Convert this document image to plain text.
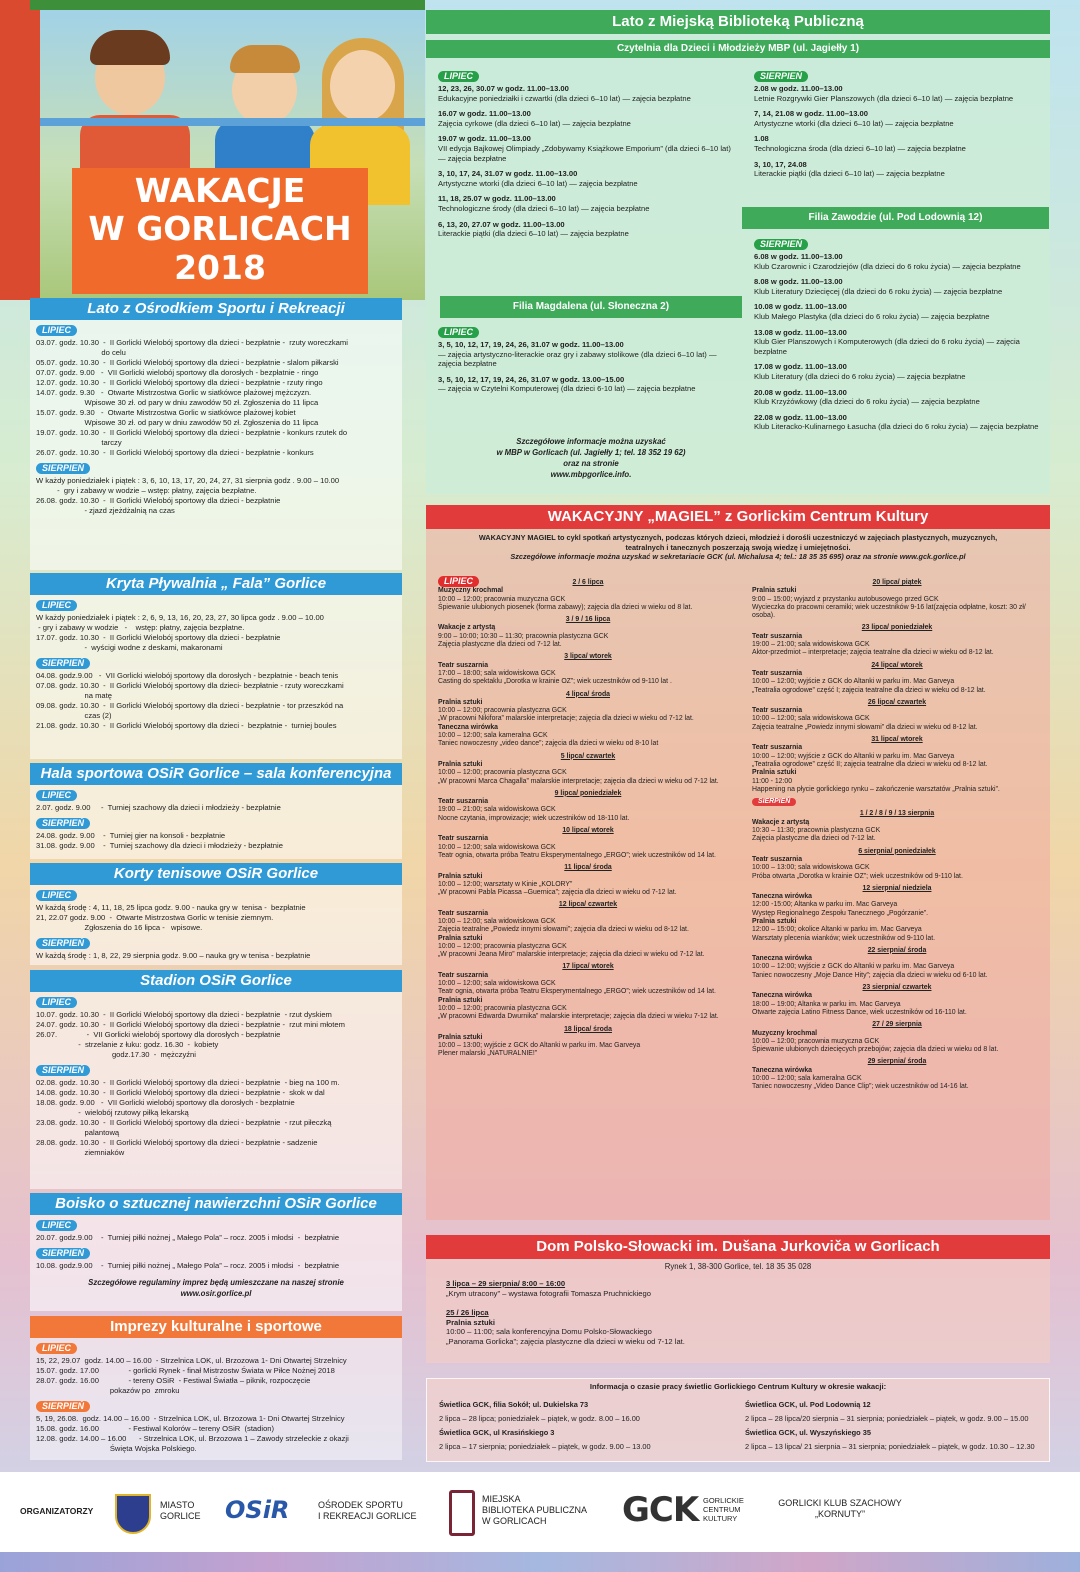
WAKACJE
W GORLICACH
2018
Lato z Ośrodkiem Sportu i Rekreacji
LIPIEC
03.07. godz. 10.30  -  II Gorlicki Wielobój sportowy dla dzieci - bezpłatnie -  rzuty woreczkami
do celu
05.07. godz. 10.30  -  II Gorlicki Wielobój sportowy dla dzieci - bezpłatnie - slalom piłkarski
07.07. godz. 9.00   -  VII Gorlicki wielobój sportowy dla dorosłych - bezpłatnie - ringo
12.07. godz. 10.30  -  II Gorlicki Wielobój sportowy dla dzieci - bezpłatnie - rzuty ringo
14.07. godz. 9.30   -  Otwarte Mistrzostwa Gorlic w siatkówce plażowej mężczyzn.
Wpisowe 30 zł. od pary w dniu zawodów 50 zł. Zgłoszenia do 11 lipca
15.07. godz. 9.30   -  Otwarte Mistrzostwa Gorlic w siatkówce plażowej kobiet
Wpisowe 30 zł. od pary w dniu zawodów 50 zł. Zgłoszenia do 11 lipca
19.07. godz. 10.30  -  II Gorlicki Wielobój sportowy dla dzieci - bezpłatnie - konkurs rzutek do
tarczy
26.07. godz. 10.30  -  II Gorlicki Wielobój sportowy dla dzieci - bezpłatnie - konkurs
SIERPIEŃ
W każdy poniedziałek i piątek : 3, 6, 10, 13, 17, 20, 24, 27, 31 sierpnia godz . 9.00 – 10.00
-  gry i zabawy w wodzie – wstęp: płatny, zajęcia bezpłatne.
26.08. godz. 10.30  -  II Gorlicki Wielobój sportowy dla dzieci - bezpłatnie
- zjazd zjeżdżalnią na czas
Kryta Pływalnia „ Fala” Gorlice
LIPIEC
W każdy poniedziałek i piątek : 2, 6, 9, 13, 16, 20, 23, 27, 30 lipca godz . 9.00 – 10.00
- gry i zabawy w wodzie   -    wstęp: płatny, zajęcia bezpłatne.
17.07. godz. 10.30  -  II Gorlicki Wielobój sportowy dla dzieci - bezpłatnie
-  wyścigi wodne z deskami, makaronami
SIERPIEŃ
04.08. godz.9.00   -  VII Gorlicki wielobój sportowy dla dorosłych - bezpłatnie - beach tenis
07.08. godz. 10.30  -  II Gorlicki Wielobój sportowy dla dzieci- bezpłatnie - rzuty woreczkami
na matę
09.08. godz. 10.30  -  II Gorlicki Wielobój sportowy dla dzieci - bezpłatnie - tor przeszkód na
czas (2)
21.08. godz. 10.30  -  II Gorlicki Wielobój sportowy dla dzieci -  bezpłatnie -  turniej boules
Hala sportowa OSiR Gorlice – sala konferencyjna
LIPIEC
2.07. godz. 9.00     -  Turniej szachowy dla dzieci i młodzieży - bezpłatnie
SIERPIEŃ
24.08. godz. 9.00    -  Turniej gier na konsoli - bezpłatnie
31.08. godz. 9.00    -  Turniej szachowy dla dzieci i młodzieży - bezpłatnie
Korty tenisowe OSiR Gorlice
LIPIEC
W każdą środę : 4, 11, 18, 25 lipca godz. 9.00 - nauka gry w  tenisa -  bezpłatnie
21, 22.07 godz. 9.00  -  Otwarte Mistrzostwa Gorlic w tenisie ziemnym.
Zgłoszenia do 16 lipca -   wpisowe.
SIERPIEŃ
W każdą środę : 1, 8, 22, 29 sierpnia godz. 9.00 – nauka gry w tenisa - bezpłatnie
Stadion OSiR Gorlice
LIPIEC
10.07. godz. 10.30  -  II Gorlicki Wielobój sportowy dla dzieci - bezpłatnie  - rzut dyskiem
24.07. godz. 10.30  -  II Gorlicki Wielobój sportowy dla dzieci - bezpłatnie -  rzut mini młotem
26.07.              -  VII Gorlicki wielobój sportowy dla dorosłych - bezpłatnie
-  strzelanie z łuku: godz. 16.30  -  kobiety
godz.17.30  -  mężczyźni
SIERPIEŃ
02.08. godz. 10.30  -  II Gorlicki Wielobój sportowy dla dzieci - bezpłatnie  - bieg na 100 m.
14.08. godz. 10.30  -  II Gorlicki Wielobój sportowy dla dzieci - bezpłatnie -  skok w dal
18.08. godz. 9.00   -  VII Gorlicki wielobój sportowy dla dorosłych - bezpłatnie
-  wielobój rzutowy piłką lekarską
23.08. godz. 10.30  -  II Gorlicki Wielobój sportowy dla dzieci - bezpłatnie  - rzut piłeczką
palantową
28.08. godz. 10.30  -  II Gorlicki Wielobój sportowy dla dzieci - bezpłatnie - sadzenie
ziemniaków
Boisko o sztucznej nawierzchni OSiR Gorlice
LIPIEC
20.07. godz.9.00    -  Turniej piłki nożnej „ Małego Pola” – rocz. 2005 i młodsi  -  bezpłatnie
SIERPIEŃ
10.08. godz.9.00    -  Turniej piłki nożnej „ Małego Pola” – rocz. 2005 i młodsi  -  bezpłatnie
Szczegółowe regulaminy imprez będą umieszczane na naszej stronie
www.osir.gorlice.pl
Imprezy kulturalne i sportowe
LIPIEC
15, 22, 29.07  godz. 14.00 – 16.00  - Strzelnica LOK, ul. Brzozowa 1- Dni Otwartej Strzelnicy
15.07. godz. 17.00              - gorlicki Rynek - finał Mistrzostw Świata w Piłce Nożnej 2018
28.07. godz. 16.00              - tereny OSiR  - Festiwal Światła – piknik, rozpoczęcie
pokazów po  zmroku
SIERPIEŃ
5, 19, 26.08.  godz. 14.00 – 16.00  - Strzelnica LOK, ul. Brzozowa 1- Dni Otwartej Strzelnicy
15.08. godz. 16.00              - Festiwal Kolorów – tereny OSiR  (stadion)
12.08. godz. 14.00 – 16.00      - Strzelnica LOK, ul. Brzozowa 1 – Zawody strzeleckie z okazji
Święta Wojska Polskiego.
Lato z Miejską Biblioteką Publiczną
Czytelnia dla Dzieci i Młodzieży MBP (ul. Jagiełły 1)
LIPIEC
12, 23, 26, 30.07 w godz. 11.00–13.00
Edukacyjne poniedziałki i czwartki (dla dzieci 6–10 lat) — zajęcia bezpłatne
16.07 w godz. 11.00–13.00
Zajęcia cyrkowe (dla dzieci 6–10 lat) — zajęcia bezpłatne
19.07 w godz. 11.00–13.00
VII edycja Bajkowej Olimpiady „Zdobywamy Książkowe Emporium” (dla dzieci 6–10 lat) — zajęcia bezpłatne
3, 10, 17, 24, 31.07 w godz. 11.00–13.00
Artystyczne wtorki (dla dzieci 6–10 lat) — zajęcia bezpłatne
11, 18, 25.07 w godz. 11.00–13.00
Technologiczne środy (dla dzieci 6–10 lat) — zajęcia bezpłatne
6, 13, 20, 27.07 w godz. 11.00–13.00
Literackie piątki (dla dzieci 6–10 lat) — zajęcia bezpłatne
SIERPIEŃ
2.08 w godz. 11.00–13.00
Letnie Rozgrywki Gier Planszowych (dla dzieci 6–10 lat) — zajęcia bezpłatne
7, 14, 21.08 w godz. 11.00–13.00
Artystyczne wtorki (dla dzieci 6–10 lat) — zajęcia bezpłatne
1.08
Technologiczna środa (dla dzieci 6–10 lat) — zajęcia bezpłatne
3, 10, 17, 24.08
Literackie piątki (dla dzieci 6–10 lat) — zajęcia bezpłatne
Filia Magdalena (ul. Słoneczna 2)
LIPIEC
3, 5, 10, 12, 17, 19, 24, 26, 31.07 w godz. 11.00–13.00
— zajęcia artystyczno-literackie oraz gry i zabawy stolikowe (dla dzieci 6–10 lat) — zajęcia bezpłatne
3, 5, 10, 12, 17, 19, 24, 26, 31.07 w godz. 13.00–15.00
— zajęcia w Czytelni Komputerowej (dla dzieci 6-10 lat) — zajęcia bezpłatne
Szczegółowe informacje można uzyskać
w MBP w Gorlicach (ul. Jagiełły 1; tel. 18 352 19 62)
oraz na stronie
www.mbpgorlice.info.
Filia Zawodzie (ul. Pod Lodownią 12)
SIERPIEŃ
6.08 w godz. 11.00–13.00
Klub Czarownic i Czarodziejów (dla dzieci do 6 roku życia) — zajęcia bezpłatne
8.08 w godz. 11.00–13.00
Klub Literatury Dziecięcej (dla dzieci do 6 roku życia) — zajęcia bezpłatne
10.08 w godz. 11.00–13.00
Klub Małego Plastyka (dla dzieci do 6 roku życia) — zajęcia bezpłatne
13.08 w godz. 11.00–13.00
Klub Gier Planszowych i Komputerowych (dla dzieci do 6 roku życia) — zajęcia bezpłatne
17.08 w godz. 11.00–13.00
Klub Literatury (dla dzieci do 6 roku życia) — zajęcia bezpłatne
20.08 w godz. 11.00–13.00
Klub Krzyżówkowy (dla dzieci do 6 roku życia) — zajęcia bezpłatne
22.08 w godz. 11.00–13.00
Klub Literacko-Kulinarnego Łasucha (dla dzieci do 6 roku życia) — zajęcia bezpłatne
WAKACYJNY „MAGIEL” z Gorlickim Centrum Kultury
WAKACYJNY MAGIEL to cykl spotkań artystycznych, podczas których dzieci, młodzież i dorośli uczestniczyć w zajęciach plastycznych, muzycznych,
teatralnych i tanecznych poszerzają swoją wiedzę i umiejętności.
Szczegółowe informacje można uzyskać w sekretariacie GCK (ul. Michalusa 4; tel.: 18 35 35 695) oraz na stronie www.gck.gorlice.pl
LIPIEC	2 / 6 lipca
Muzyczny krochmal
10:00 – 12:00; pracownia muzyczna GCK
Śpiewanie ulubionych piosenek (forma zabawy); zajęcia dla dzieci w wieku od 8 lat.
3 / 9 / 16 lipca
Wakacje z artystą
9:00 – 10:00; 10:30 – 11:30; pracownia plastyczna GCK
Zajęcia plastyczne dla dzieci od 7-12 lat.
3 lipca/ wtorek
Teatr suszarnia
17:00 – 18:00; sala widowiskowa GCK
Casting do spektaklu „Dorotka w krainie OZ”; wiek uczestników od 9-110 lat .
4 lipca/ środa
Pralnia sztuki
10:00 – 12:00; pracownia plastyczna GCK
„W pracowni Nikifora” malarskie interpretacje; zajęcia dla dzieci w wieku od 7-12 lat.
Taneczna wirówka
10:00 – 12:00; sala kameralna GCK
Taniec nowoczesny „video dance”; zajęcia dla dzieci w wieku od 8-10 lat
5 lipca/ czwartek
Pralnia sztuki
10:00 – 12:00; pracownia plastyczna GCK
„W pracowni Marca Chagalla” malarskie interpretacje; zajęcia dla dzieci w wieku od 7-12 lat.
9 lipca/ poniedziałek
Teatr suszarnia
19:00 – 21:00; sala widowiskowa GCK
Nocne czytania, improwizacje; wiek uczestników od 18-110 lat.
10 lipca/ wtorek
Teatr suszarnia
10:00 – 12:00; sala widowiskowa GCK
Teatr ognia, otwarta próba Teatru Eksperymentalnego „ERGO”; wiek uczestników od 14 lat.
11 lipca/ środa
Pralnia sztuki
10:00 – 12:00; warsztaty w Kinie „KOLORY”
„W pracowni Pabla Picassa –Guernica”; zajęcia dla dzieci w wieku od 7-12 lat.
12 lipca/ czwartek
Teatr suszarnia
10:00 – 12:00; sala widowiskowa GCK
Zajęcia teatralne „Powiedz innymi słowami”; zajęcia dla dzieci w wieku od 8-12 lat.
Pralnia sztuki
10:00 – 12:00; pracownia plastyczna GCK
„W pracowni Jeana Miro” malarskie interpretacje; zajęcia dla dzieci w wieku od 7-12 lat.
17 lipca/ wtorek
Teatr suszarnia
10:00 – 12:00; sala widowiskowa GCK
Teatr ognia, otwarta próba Teatru Eksperymentalnego „ERGO”; wiek uczestników od 14 lat.
Pralnia sztuki
10:00 – 12:00; pracownia plastyczna GCK
„W pracowni Edwarda Dwurnika” malarskie interpretacje; zajęcia dla dzieci w wieku 7-12 lat.
18 lipca/ środa
Pralnia sztuki
10:00 – 13:00; wyjście z GCK do Altanki w parku im. Mac Garveya
Plener malarski „NATURALNIE!”
20 lipca/ piątek
Pralnia sztuki
9:00 – 15:00; wyjazd z przystanku autobusowego przed GCK
Wycieczka do pracowni ceramiki; wiek uczestników 9-16 lat(zajęcia odpłatne, koszt: 30 zł/ osoba).
23 lipca/ poniedziałek
Teatr suszarnia
19:00 – 21:00; sala widowiskowa GCK
Aktor-przedmiot – interpretacje; zajęcia teatralne dla dzieci w wieku od 8-12 lat.
24 lipca/ wtorek
Teatr suszarnia
10:00 – 12:00; wyjście z GCK do Altanki w parku im. Mac Garveya
„Teatralia ogrodowe” część I; zajęcia teatralne dla dzieci w wieku od 8-12 lat.
26 lipca/ czwartek
Teatr suszarnia
10:00 – 12:00; sala widowiskowa GCK
Zajęcia teatralne „Powiedz innymi słowami” dla dzieci w wieku od 8-12 lat.
31 lipca/ wtorek
Teatr suszarnia
10:00 – 12:00; wyjście z GCK do Altanki w parku im. Mac Garveya
„Teatralia ogrodowe” część II; zajęcia teatralne dla dzieci w wieku od 8-12 lat.
Pralnia sztuki
11:00 - 12:00
Happening na płycie gorlickiego rynku – zakończenie warsztatów „Pralnia sztuki”.
SIERPIEŃ
1 / 2 / 8 / 9 / 13 sierpnia
Wakacje z artystą
10:30 – 11:30; pracownia plastyczna GCK
Zajęcia plastyczne dla dzieci od 7-12 lat.
6 sierpnia/ poniedziałek
Teatr suszarnia
10:00 – 13:00; sala widowiskowa GCK
Próba otwarta „Dorotka w krainie OZ”; wiek uczestników od 9-110 lat.
12 sierpnia/ niedziela
Taneczna wirówka
12:00 -15:00; Altanka w parku im. Mac Garveya
Występ Regionalnego Zespołu Tanecznego „Pogórzanie”.
Pralnia sztuki
12:00 – 15:00; okolice Altanki w parku im. Mac Garveya
Warsztaty plecenia wianków; wiek uczestników od 9-110 lat.
22 sierpnia/ środa
Taneczna wirówka
10:00 – 12:00; wyjście z GCK do Altanki w parku im. Mac Garveya
Taniec nowoczesny „Moje Dance Hity”; zajęcia dla dzieci w wieku od 6-10 lat.
23 sierpnia/ czwartek
Taneczna wirówka
18:00 – 19:00; Altanka w parku im. Mac Garveya
Otwarte zajęcia Latino Fitness Dance, wiek uczestników od 16-110 lat.
27 / 29 sierpnia
Muzyczny krochmal
10:00 – 12:00; pracownia muzyczna GCK
Śpiewanie ulubionych dziecięcych przebojów; zajęcia dla dzieci w wieku od 8 lat.
29 sierpnia/ środa
Taneczna wirówka
10:00 – 12:00; sala kameralna GCK
Taniec nowoczesny „Video Dance Clip”; wiek uczestników od 14-16 lat.
Dom Polsko-Słowacki im. Dušana Jurkoviča w Gorlicach
Rynek 1, 38-300 Gorlice, tel. 18 35 35 028
3 lipca – 29 sierpnia/ 8:00 – 16:00
„Krym utracony” – wystawa fotografii Tomasza Pruchnickiego
25 / 26 lipca
Pralnia sztuki
10:00 – 11:00; sala konferencyjna Domu Polsko-Słowackiego
„Panorama Gorlicka”; zajęcia plastyczne dla dzieci w wieku od 7-12 lat.
Informacja o czasie pracy świetlic Gorlickiego Centrum Kultury w okresie wakacji:
Świetlica GCK, filia Sokół; ul. Dukielska 73
2 lipca – 28 lipca; poniedziałek – piątek, w godz. 8.00 – 16.00
Świetlica GCK, ul Krasińskiego 3
2 lipca – 17 sierpnia; poniedziałek – piątek, w godz. 9.00 – 13.00
Świetlica GCK, ul. Pod Lodownią 12
2 lipca – 28 lipca/20 sierpnia – 31 sierpnia; poniedziałek – piątek, w godz. 9.00 – 15.00
Świetlica GCK, ul. Wyszyńskiego 35
2 lipca – 13 lipca/ 21 sierpnia – 31 sierpnia; poniedziałek – piątek, w godz. 10.30 – 12.30
ORGANIZATORZY
MIASTO
GORLICE OSiR	OŚRODEK SPORTU
I REKREACJI GORLICE
MIEJSKA
BIBLIOTEKA PUBLICZNA
W GORLICACH	GCK GORLICKIE
CENTRUM
KULTURY
GORLICKI KLUB SZACHOWY
„KORNUTY”
